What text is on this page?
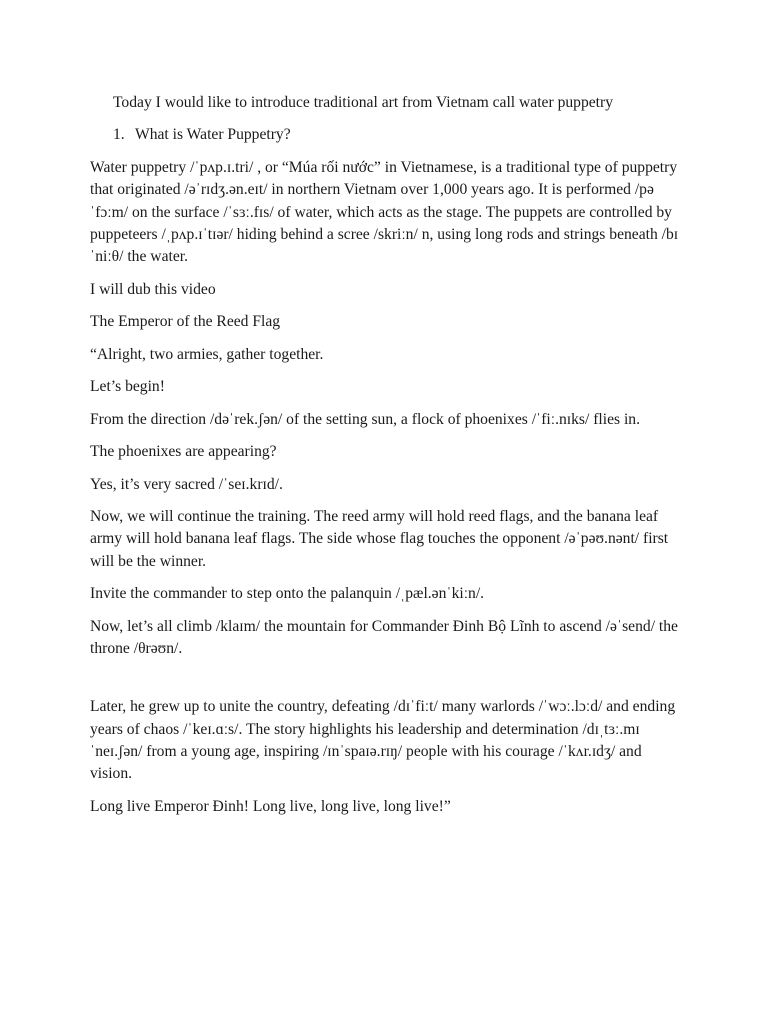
Today I would like to introduce traditional art from Vietnam call water puppetry

1. What is Water Puppetry?

Water puppetry /ˈpʌp.ɪ.tri/ , or “Múa rối nước” in Vietnamese, is a traditional type of puppetry that originated /əˈrɪdʒ.ən.eɪt/ in northern Vietnam over 1,000 years ago. It is performed /pəˈfɔːm/ on the surface /ˈsɜː.fɪs/ of water, which acts as the stage. The puppets are controlled by puppeteers /ˌpʌp.ɪˈtɪər/ hiding behind a scree /skriːn/ n, using long rods and strings beneath /bɪˈniːθ/ the water.

I will dub this video

The Emperor of the Reed Flag

“Alright, two armies, gather together.

Let’s begin!

From the direction /dəˈrek.ʃən/ of the setting sun, a flock of phoenixes /ˈfiː.nɪks/ flies in.

The phoenixes are appearing?

Yes, it’s very sacred /ˈseɪ.krɪd/.

Now, we will continue the training. The reed army will hold reed flags, and the banana leaf army will hold banana leaf flags. The side whose flag touches the opponent /əˈpəʊ.nənt/ first will be the winner.

Invite the commander to step onto the palanquin /ˌpæl.ənˈkiːn/.

Now, let’s all climb /klaɪm/ the mountain for Commander Đinh Bộ Lĩnh to ascend /əˈsend/ the throne /θrəʊn/.

Later, he grew up to unite the country, defeating /dɪˈfiːt/ many warlords /ˈwɔː.lɔːd/ and ending years of chaos /ˈkeɪ.ɑːs/. The story highlights his leadership and determination /dɪˌtɜː.mɪˈneɪ.ʃən/ from a young age, inspiring /ɪnˈspaɪə.rɪŋ/ people with his courage /ˈkʌr.ɪdʒ/ and vision.

Long live Emperor Đinh! Long live, long live, long live!”
